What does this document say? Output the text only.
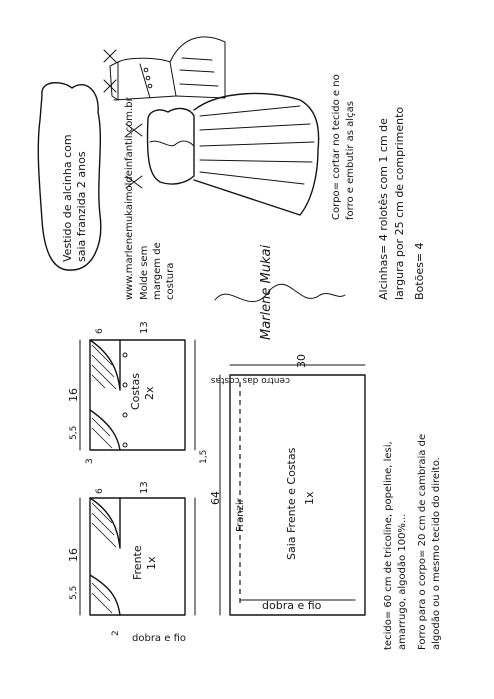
Vestido de alcinha com saia franzida 2 anos	www.marlenemukaimoldeinfantil.com.br Molde sem margem de costura
Corpo= cortar no tecido e no forro e embutir as alças Alcinhas= 4 rolotês com 1 cm de largura por 25 cm de comprimento Botões= 4
Marlene Mukai
Costas 2x
16
5,5
6	13
1,5
3
Frente 1x
16
5,5
6	13
2 dobra e fio
Saia Frente e Costas 1x
30
64
centro das costas
Franzir
dobra e fio	tecido= 60 cm de tricoline, popeline, lesi, amarrugo, algodão 100%... Forro para o corpo= 20 cm de cambraia de algodão ou o mesmo tecido do direito.
